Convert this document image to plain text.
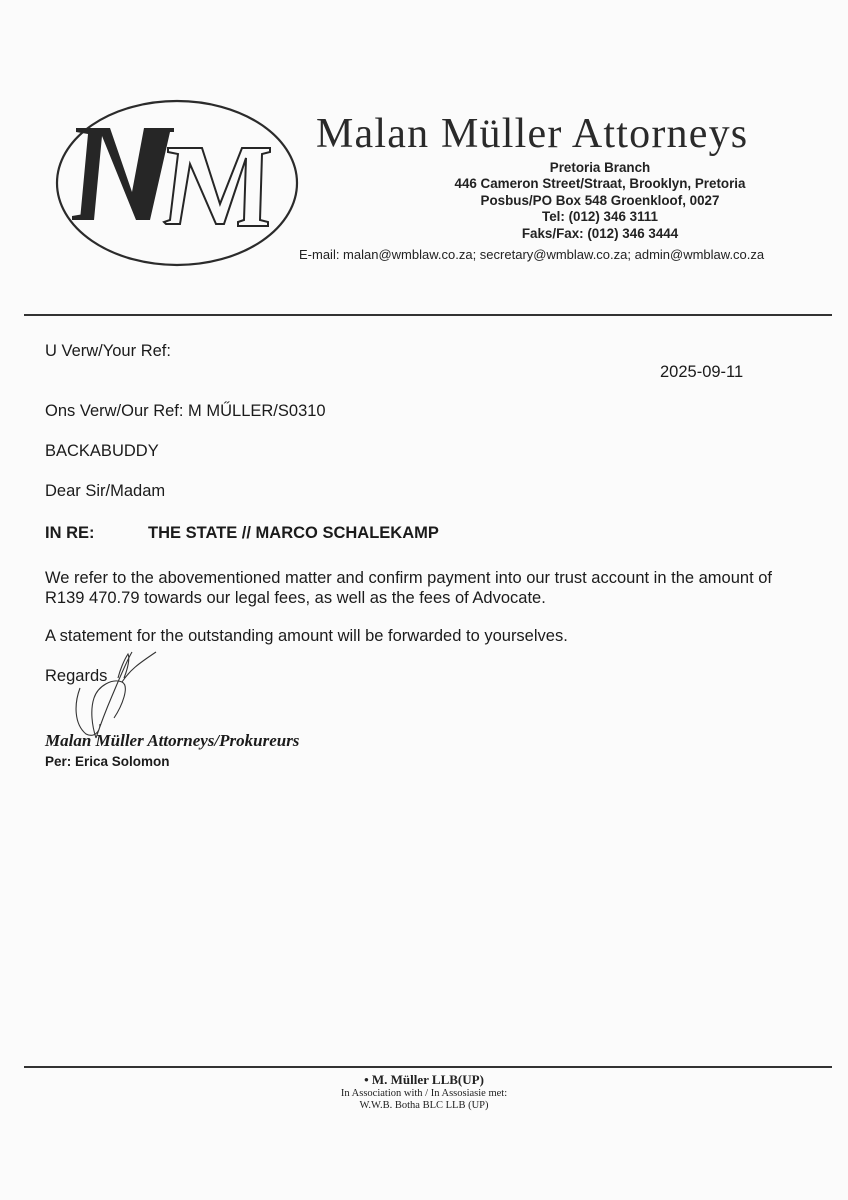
Malan Müller Attorneys
Pretoria Branch
446 Cameron Street/Straat, Brooklyn, Pretoria
Posbus/PO Box 548 Groenkloof, 0027
Tel: (012) 346 3111
Faks/Fax: (012) 346 3444
E-mail: malan@wmblaw.co.za; secretary@wmblaw.co.za; admin@wmblaw.co.za
U Verw/Your Ref:
2025-09-11
Ons Verw/Our Ref: M MŰLLER/S0310
BACKABUDDY
Dear Sir/Madam
IN RE:	THE STATE // MARCO SCHALEKAMP
We refer to the abovementioned matter and confirm payment into our trust account in the amount of R139 470.79 towards our legal fees, as well as the fees of Advocate.
A statement for the outstanding amount will be forwarded to yourselves.
Regards
Malan Müller Attorneys/Prokureurs
Per: Erica Solomon
• M. Müller LLB(UP)
In Association with / In Assosiasie met:
W.W.B. Botha BLC LLB (UP)
